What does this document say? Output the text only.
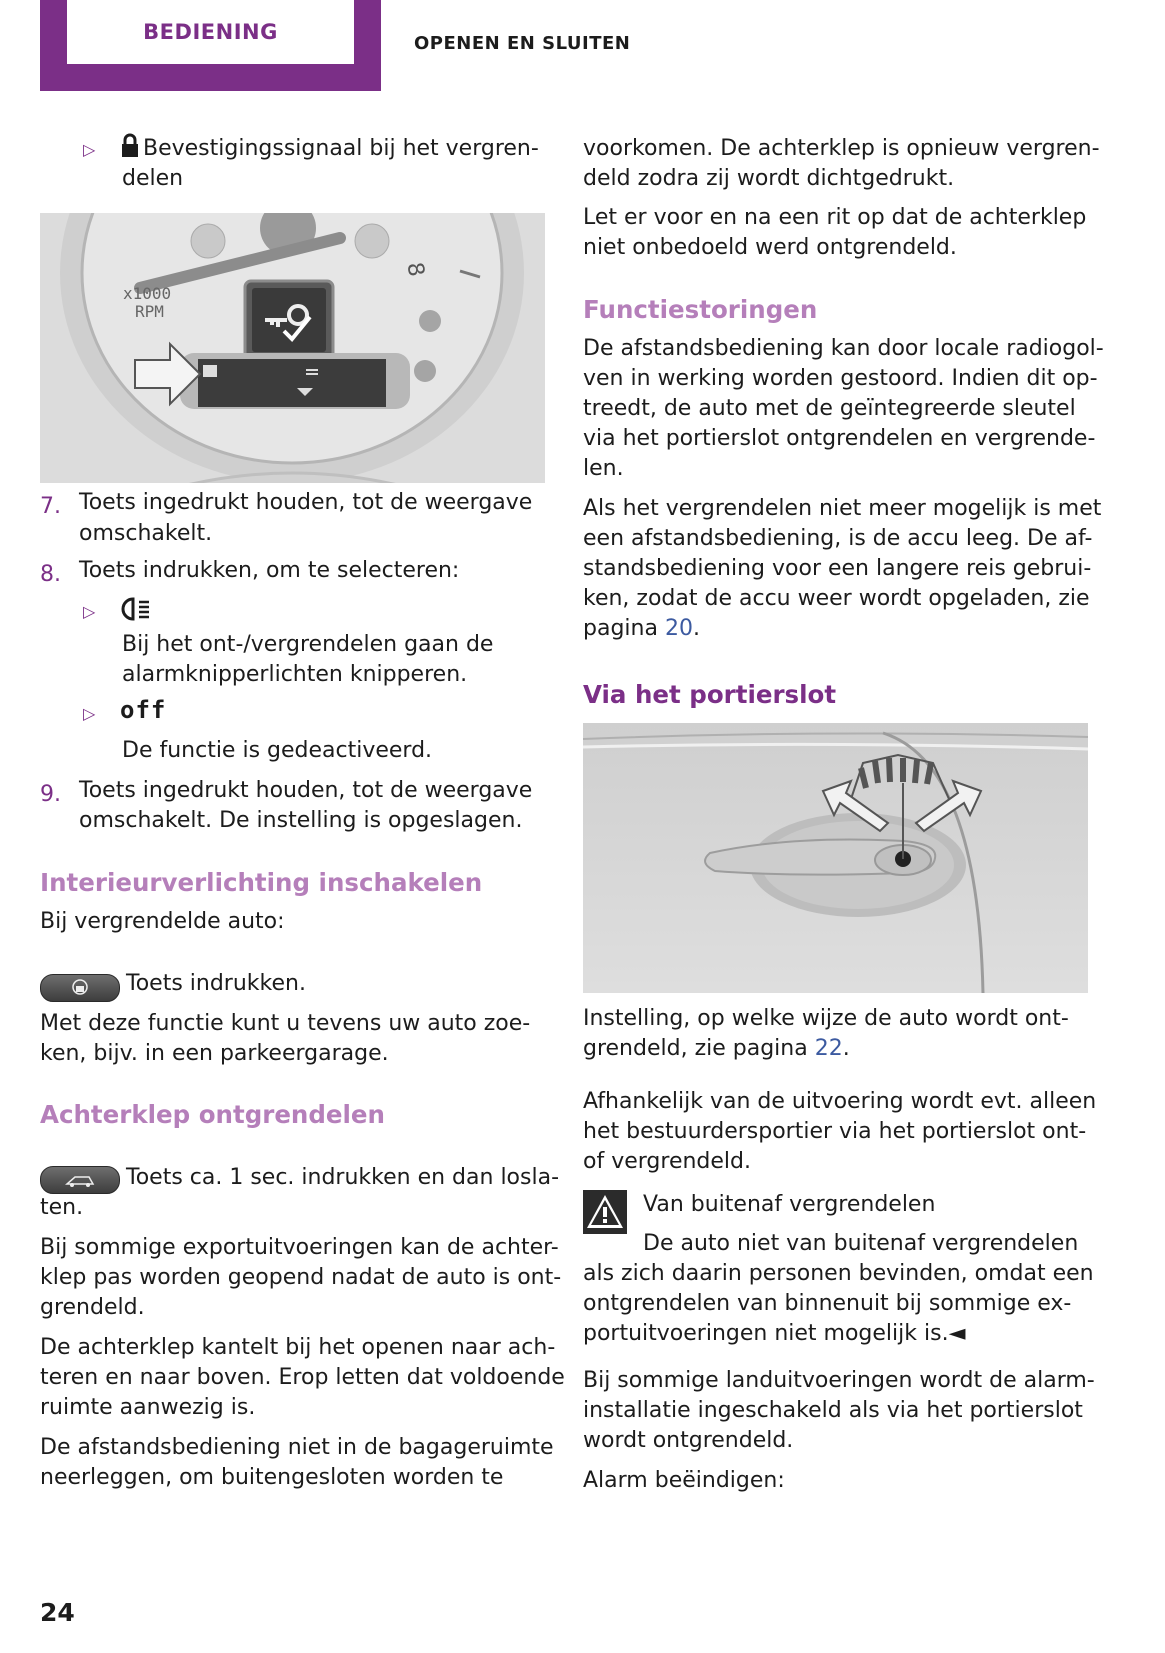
BEDIENING	OPENEN EN SLUITEN
▷ Bevestigingssignaal bij het vergren-
delen
x1000
RPM
8
7. Toets ingedrukt houden, tot de weergave
omschakelt.
8. Toets indrukken, om te selecteren:
▷
Bij het ont-/vergrendelen gaan de
alarmknipperlichten knipperen.
▷ off
De functie is gedeactiveerd.
9. Toets ingedrukt houden, tot de weergave
omschakelt. De instelling is opgeslagen.
Interieurverlichting inschakelen
Bij vergrendelde auto:
Toets indrukken.
Met deze functie kunt u tevens uw auto zoe-
ken, bijv. in een parkeergarage.
Achterklep ontgrendelen
Toets ca. 1 sec. indrukken en dan losla-
ten.
Bij sommige exportuitvoeringen kan de achter-
klep pas worden geopend nadat de auto is ont-
grendeld.
De achterklep kantelt bij het openen naar ach-
teren en naar boven. Erop letten dat voldoende
ruimte aanwezig is.
De afstandsbediening niet in de bagageruimte
neerleggen, om buitengesloten worden te
voorkomen. De achterklep is opnieuw vergren-
deld zodra zij wordt dichtgedrukt.
Let er voor en na een rit op dat de achterklep
niet onbedoeld werd ontgrendeld.
Functiestoringen
De afstandsbediening kan door locale radiogol-
ven in werking worden gestoord. Indien dit op-
treedt, de auto met de geïntegreerde sleutel
via het portierslot ontgrendelen en vergrende-
len.
Als het vergrendelen niet meer mogelijk is met
een afstandsbediening, is de accu leeg. De af-
standsbediening voor een langere reis gebrui-
ken, zodat de accu weer wordt opgeladen, zie
pagina 20.
Via het portierslot
Instelling, op welke wijze de auto wordt ont-
grendeld, zie pagina 22.
Afhankelijk van de uitvoering wordt evt. alleen
het bestuurdersportier via het portierslot ont-
of vergrendeld.
Van buitenaf vergrendelen
De auto niet van buitenaf vergrendelen
als zich daarin personen bevinden, omdat een
ontgrendelen van binnenuit bij sommige ex-
portuitvoeringen niet mogelijk is.◄
Bij sommige landuitvoeringen wordt de alarm-
installatie ingeschakeld als via het portierslot
wordt ontgrendeld.
Alarm beëindigen:
24
